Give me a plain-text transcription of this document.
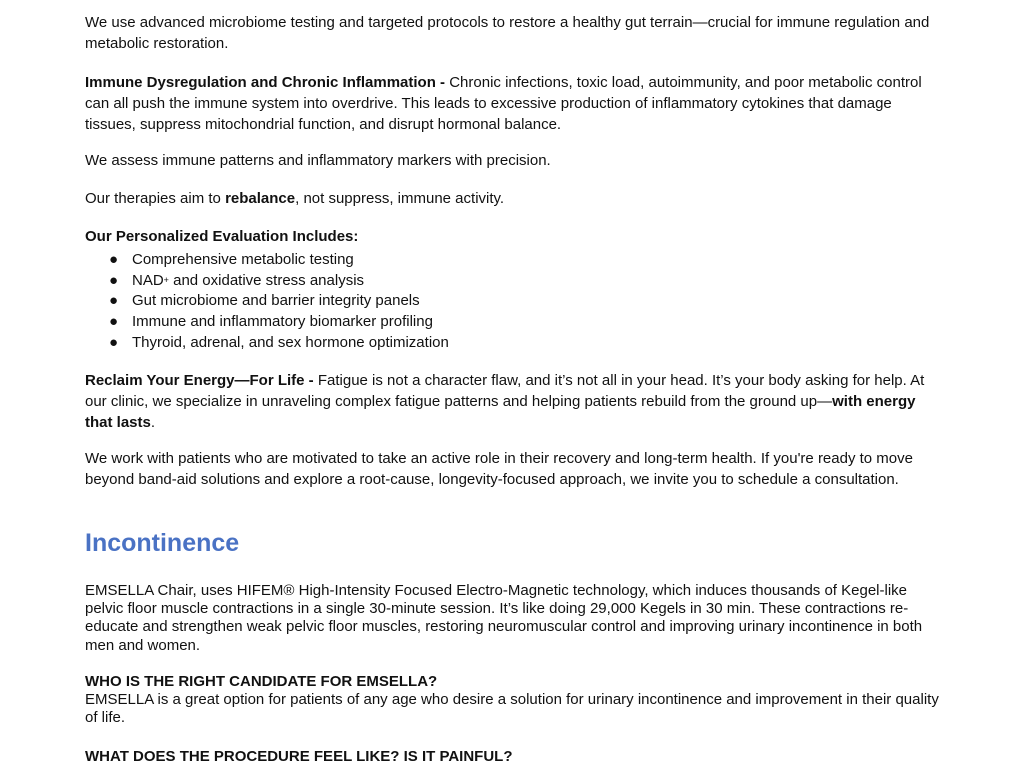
We use advanced microbiome testing and targeted protocols to restore a healthy gut terrain—crucial for immune regulation and metabolic restoration.

Immune Dysregulation and Chronic Inflammation - Chronic infections, toxic load, autoimmunity, and poor metabolic control can all push the immune system into overdrive. This leads to excessive production of inflammatory cytokines that damage tissues, suppress mitochondrial function, and disrupt hormonal balance.

We assess immune patterns and inflammatory markers with precision.

Our therapies aim to rebalance, not suppress, immune activity.

Our Personalized Evaluation Includes:

● Comprehensive metabolic testing
● NAD+ and oxidative stress analysis
● Gut microbiome and barrier integrity panels
● Immune and inflammatory biomarker profiling
● Thyroid, adrenal, and sex hormone optimization

Reclaim Your Energy—For Life - Fatigue is not a character flaw, and it’s not all in your head. It’s your body asking for help. At our clinic, we specialize in unraveling complex fatigue patterns and helping patients rebuild from the ground up—with energy that lasts.

We work with patients who are motivated to take an active role in their recovery and long-term health. If you're ready to move beyond band-aid solutions and explore a root-cause, longevity-focused approach, we invite you to schedule a consultation.

Incontinence

EMSELLA Chair, uses HIFEM® High-Intensity Focused Electro-Magnetic technology, which induces thousands of Kegel-like pelvic floor muscle contractions in a single 30-minute session. It’s like doing 29,000 Kegels in 30 min. These contractions re-educate and strengthen weak pelvic floor muscles, restoring neuromuscular control and improving urinary incontinence in both men and women.

WHO IS THE RIGHT CANDIDATE FOR EMSELLA?

EMSELLA is a great option for patients of any age who desire a solution for urinary incontinence and improvement in their quality of life.

WHAT DOES THE PROCEDURE FEEL LIKE? IS IT PAINFUL?
